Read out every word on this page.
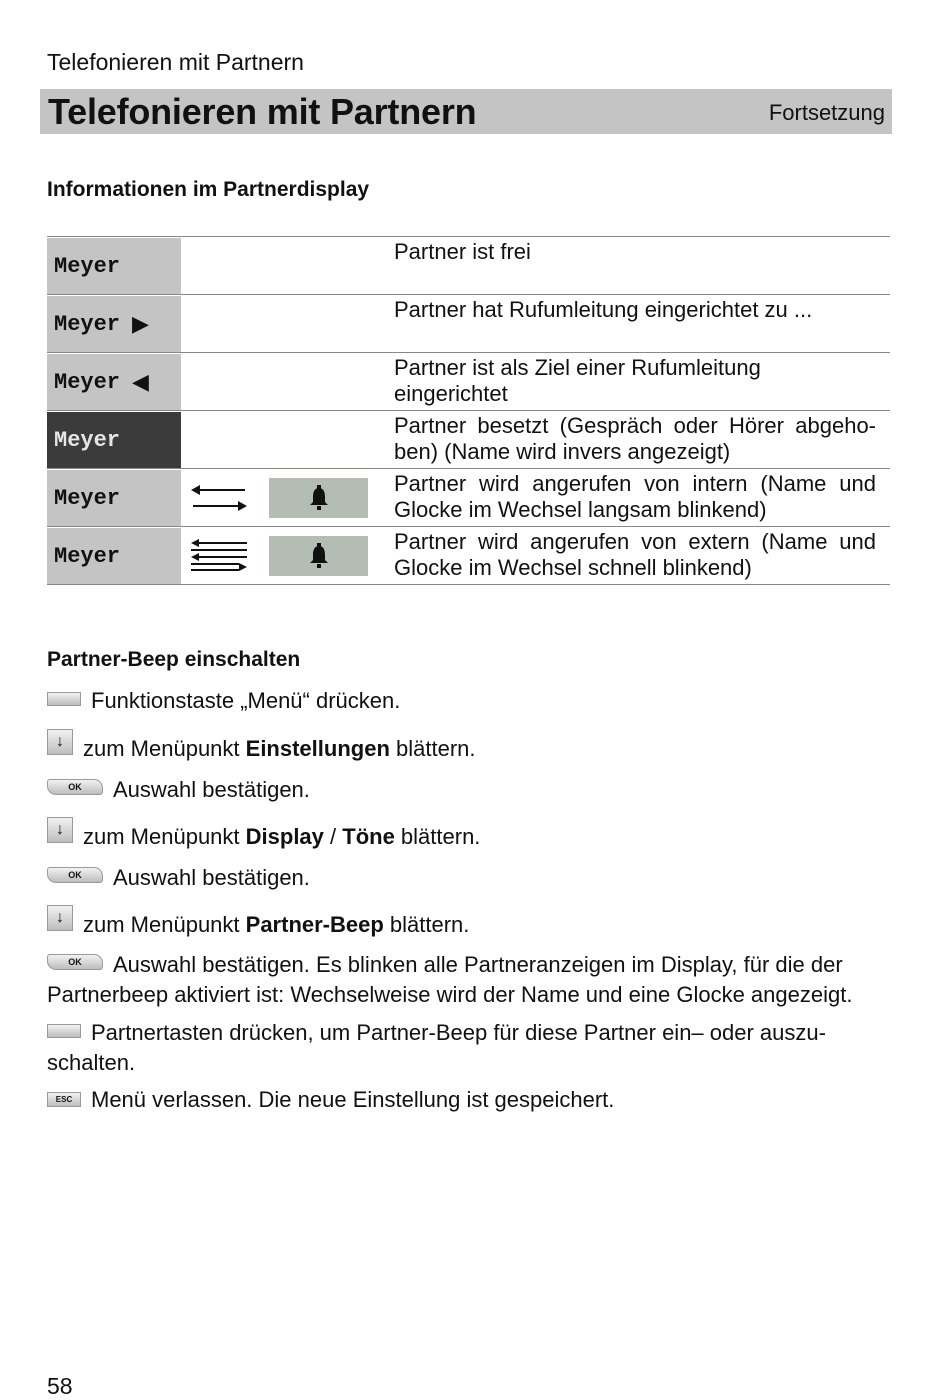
Telefonieren mit Partnern
Telefonieren mit Partnern	Fortsetzung
Informationen im Partnerdisplay
Meyer
Partner ist frei
Meyer ▶
Partner hat Rufumleitung eingerichtet zu ...
Meyer ◀
Partner ist als Ziel einer Rufumleitung eingerichtet
Meyer
Partner besetzt (Gespräch oder Hörer abgeho-ben) (Name wird invers angezeigt)
Meyer
Partner wird angerufen von intern (Name und Glocke im Wechsel langsam blinkend)
Meyer
Partner wird angerufen von extern (Name und Glocke im Wechsel schnell blinkend)
Partner-Beep einschalten
Funktionstaste „Menü“ drücken.
↓ zum Menüpunkt Einstellungen blättern.
OK Auswahl bestätigen.
↓ zum Menüpunkt Display / Töne blättern.
OK Auswahl bestätigen.
↓ zum Menüpunkt Partner-Beep blättern.
OK Auswahl bestätigen. Es blinken alle Partneranzeigen im Display, für die der Partnerbeep aktiviert ist: Wechselweise wird der Name und eine Glocke angezeigt.
Partnertasten drücken, um Partner-Beep für diese Partner ein– oder auszu-schalten.
ESC Menü verlassen. Die neue Einstellung ist gespeichert.
58
